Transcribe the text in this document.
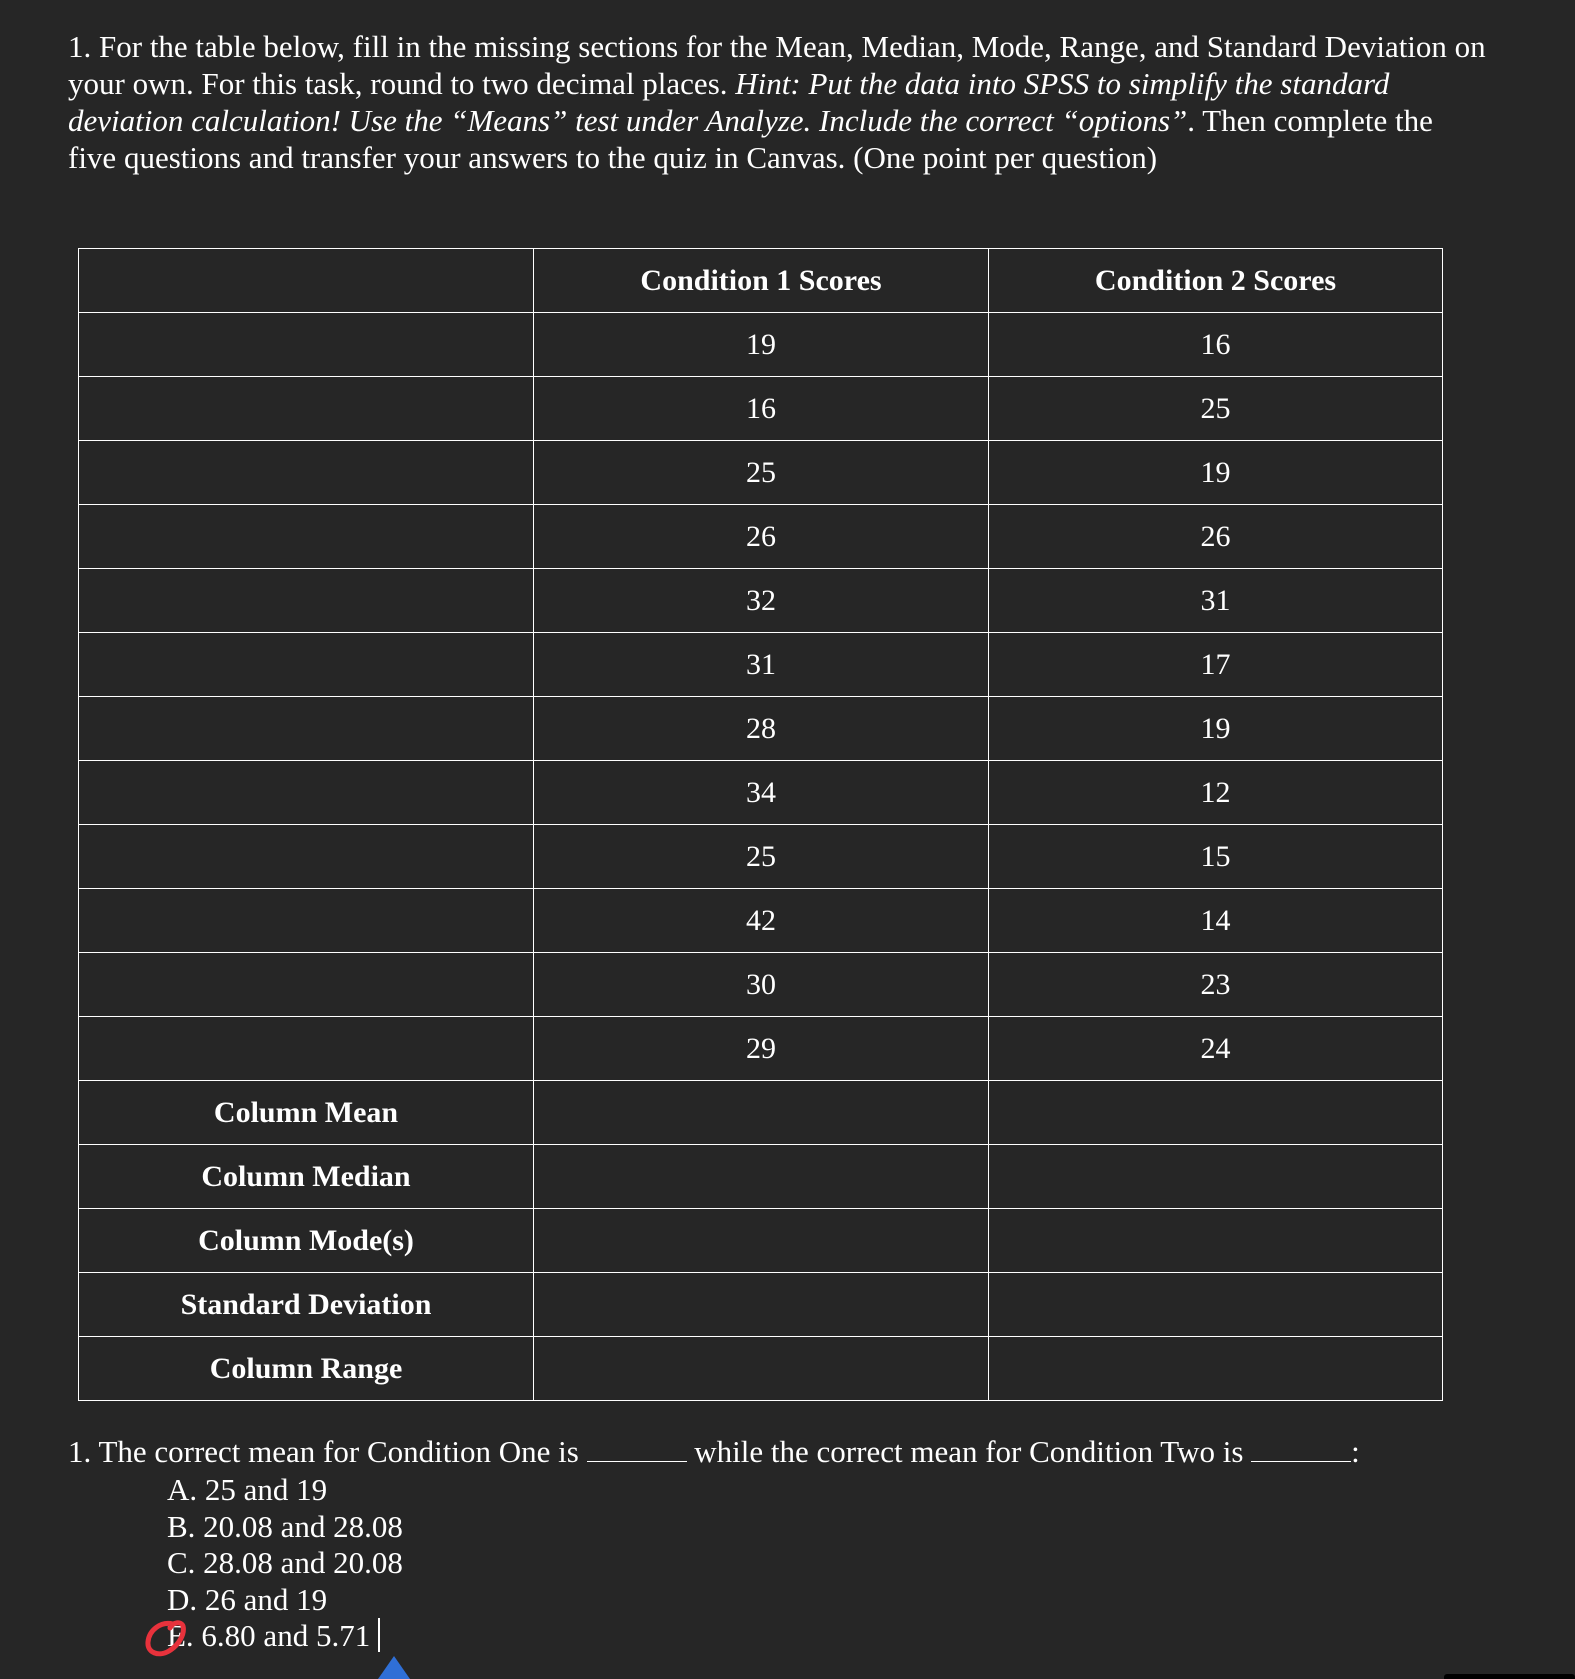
1. For the table below, fill in the missing sections for the Mean, Median, Mode, Range, and Standard Deviation on your own. For this task, round to two decimal places. Hint: Put the data into SPSS to simplify the standard deviation calculation! Use the “Means” test under Analyze. Include the correct “options”. Then complete the five questions and transfer your answers to the quiz in Canvas. (One point per question)

	Condition 1 Scores	Condition 2 Scores
	19	16
	16	25
	25	19
	26	26
	32	31
	31	17
	28	19
	34	12
	25	15
	42	14
	30	23
	29	24
Column Mean		
Column Median		
Column Mode(s)		
Standard Deviation		
Column Range		
1. The correct mean for Condition One is	while the correct mean for Condition Two is	:
A. 25 and 19
B. 20.08 and 28.08
C. 28.08 and 20.08
D. 26 and 19
E. 6.80 and 5.71
